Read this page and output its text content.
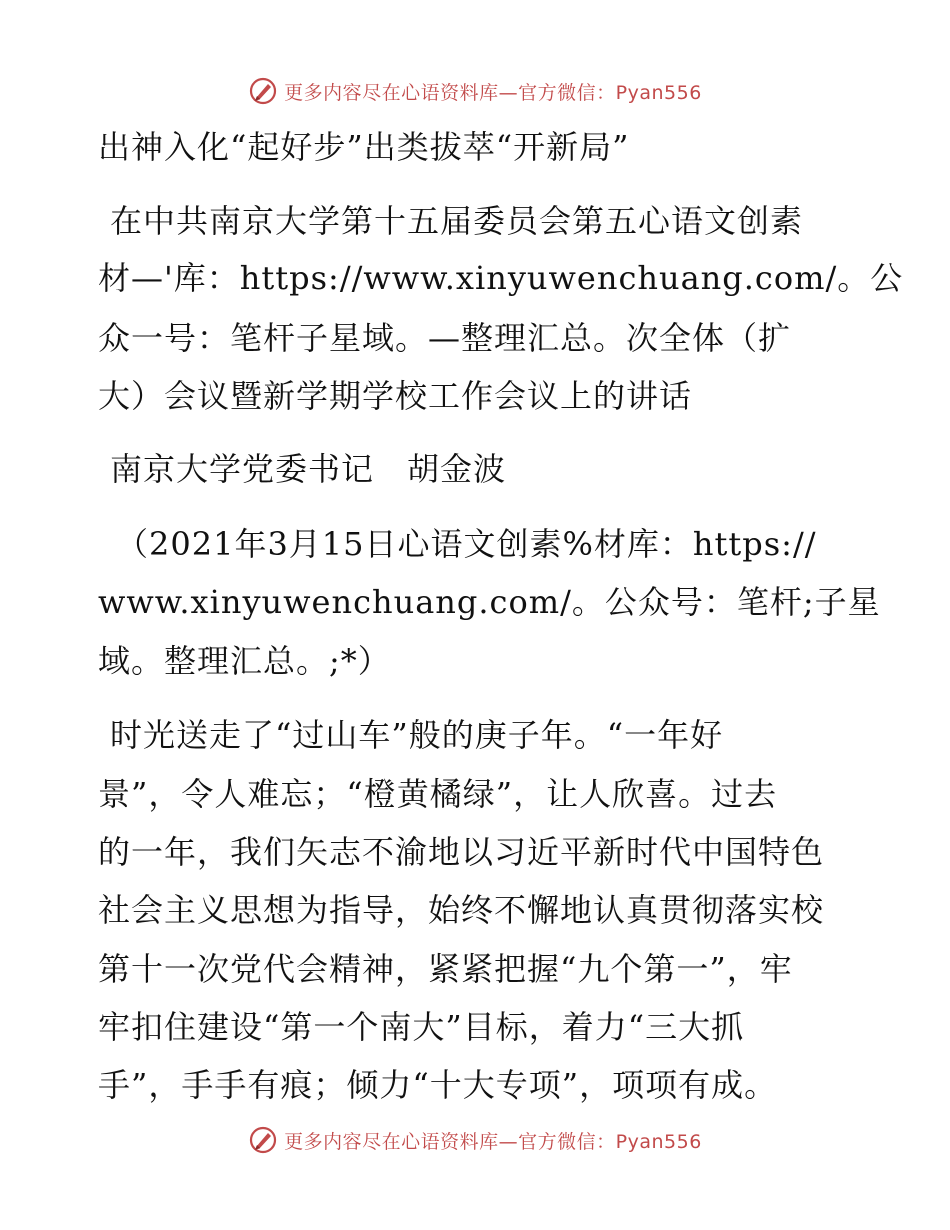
更多内容尽在心语资料库—官方微信：Pyan556
出神入化“起好步”出类拔萃“开新局”
在中共南京大学第十五届委员会第五心语文创素
材—'库：https://www.xinyuwenchuang.com/。公
众一号：笔杆子星域。—整理汇总。次全体（扩
大）会议暨新学期学校工作会议上的讲话
南京大学党委书记　胡金波
（2021年3月15日心语文创素%材库：https://
www.xinyuwenchuang.com/。公众号：笔杆;子星
域。整理汇总。;*）
时光送走了“过山车”般的庚子年。“一年好
景”，令人难忘；“橙黄橘绿”，让人欣喜。过去
的一年，我们矢志不渝地以习近平新时代中国特色
社会主义思想为指导，始终不懈地认真贯彻落实校
第十一次党代会精神，紧紧把握“九个第一”，牢
牢扣住建设“第一个南大”目标，着力“三大抓
手”，手手有痕；倾力“十大专项”，项项有成。
更多内容尽在心语资料库—官方微信：Pyan556
